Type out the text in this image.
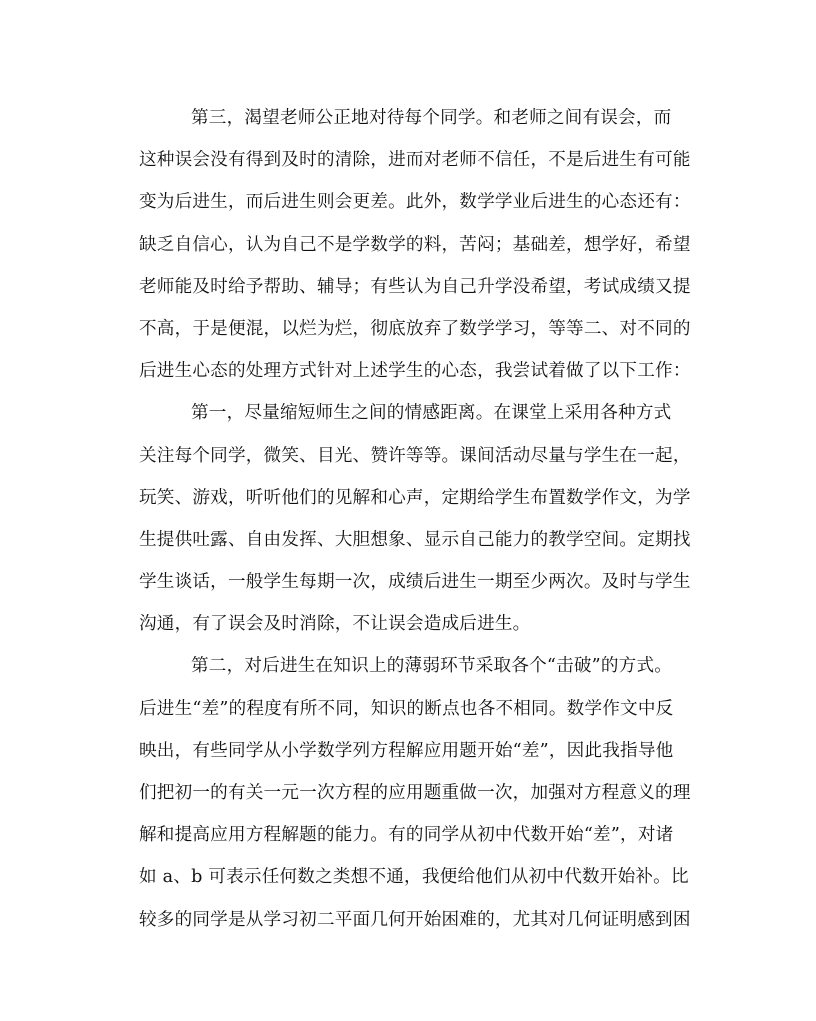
第三，渴望老师公正地对待每个同学。和老师之间有误会，而
这种误会没有得到及时的清除，进而对老师不信任，不是后进生有可能
变为后进生，而后进生则会更差。此外，数学学业后进生的心态还有：
缺乏自信心，认为自己不是学数学的料，苦闷；基础差，想学好，希望
老师能及时给予帮助、辅导；有些认为自己升学没希望，考试成绩又提
不高，于是便混，以烂为烂，彻底放弃了数学学习，等等二、对不同的
后进生心态的处理方式针对上述学生的心态，我尝试着做了以下工作：
第一，尽量缩短师生之间的情感距离。在课堂上采用各种方式
关注每个同学，微笑、目光、赞许等等。课间活动尽量与学生在一起，
玩笑、游戏，听听他们的见解和心声，定期给学生布置数学作文，为学
生提供吐露、自由发挥、大胆想象、显示自己能力的教学空间。定期找
学生谈话，一般学生每期一次，成绩后进生一期至少两次。及时与学生
沟通，有了误会及时消除，不让误会造成后进生。
第二，对后进生在知识上的薄弱环节采取各个“击破”的方式。
后进生“差”的程度有所不同，知识的断点也各不相同。数学作文中反
映出，有些同学从小学数学列方程解应用题开始“差”，因此我指导他
们把初一的有关一元一次方程的应用题重做一次，加强对方程意义的理
解和提高应用方程解题的能力。有的同学从初中代数开始“差”，对诸
如 a、b 可表示任何数之类想不通，我便给他们从初中代数开始补。比
较多的同学是从学习初二平面几何开始困难的，尤其对几何证明感到困
